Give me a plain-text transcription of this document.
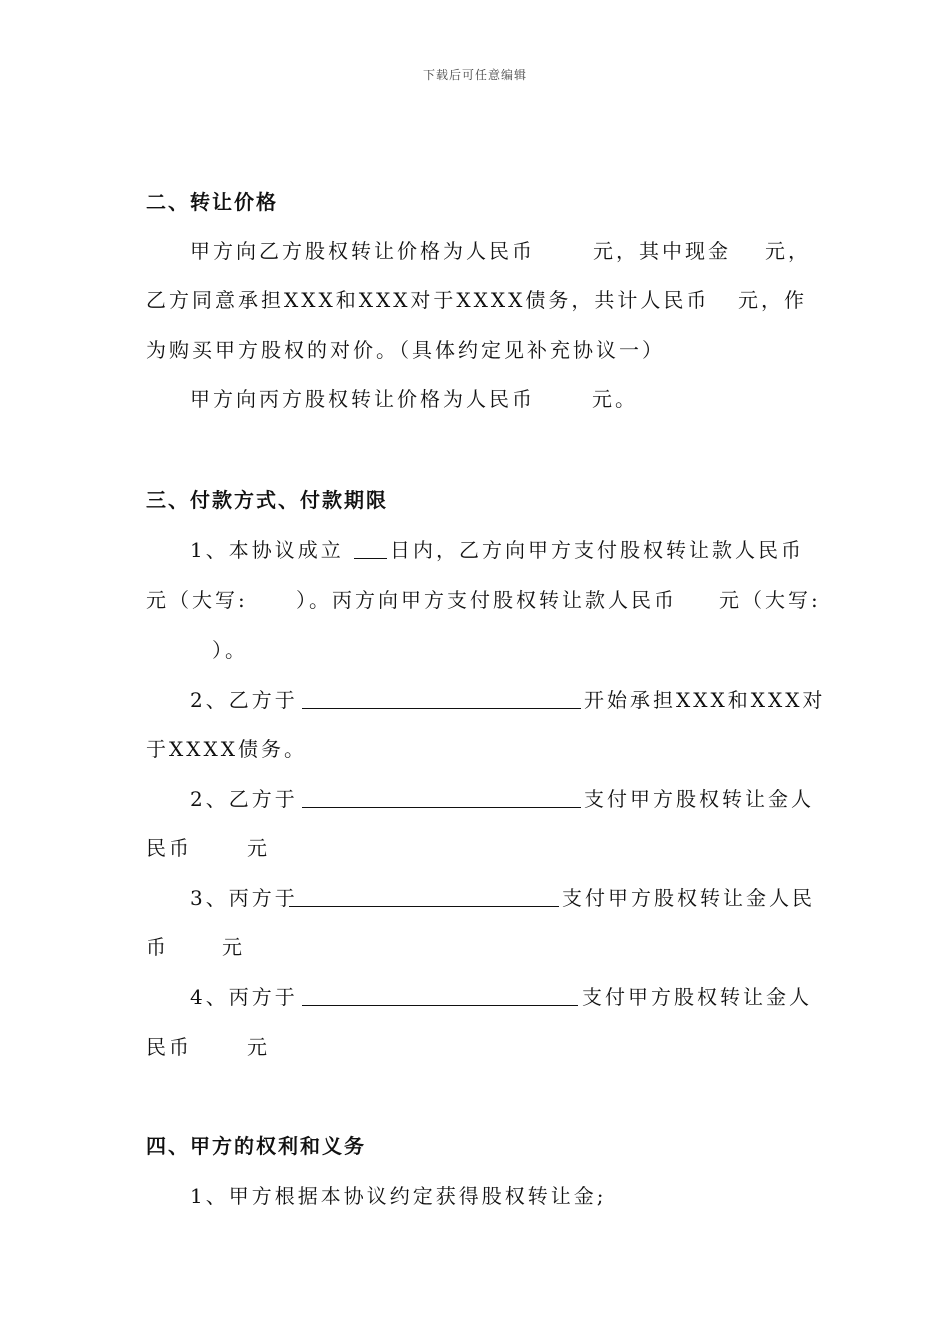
下载后可任意编辑
二、转让价格
甲方向乙方股权转让价格为人民币	元，其中现金 元，
乙方同意承担XXX和XXX对于XXXX债务，共计人民币 元，作
为购买甲方股权的对价。（具体约定见补充协议一）
甲方向丙方股权转让价格为人民币	元。
三、付款方式、付款期限
1、本协议成立 日内，乙方向甲方支付股权转让款人民币
元（大写: ）。丙方向甲方支付股权转让款人民币 元（大写:
）。
2、乙方于	开始承担XXX和XXX对
于XXXX债务。
2、乙方于	支付甲方股权转让金人
民币	元
3、丙方于	支付甲方股权转让金人民
币	元
4、丙方于	支付甲方股权转让金人
民币	元
四、甲方的权利和义务
1、甲方根据本协议约定获得股权转让金;
